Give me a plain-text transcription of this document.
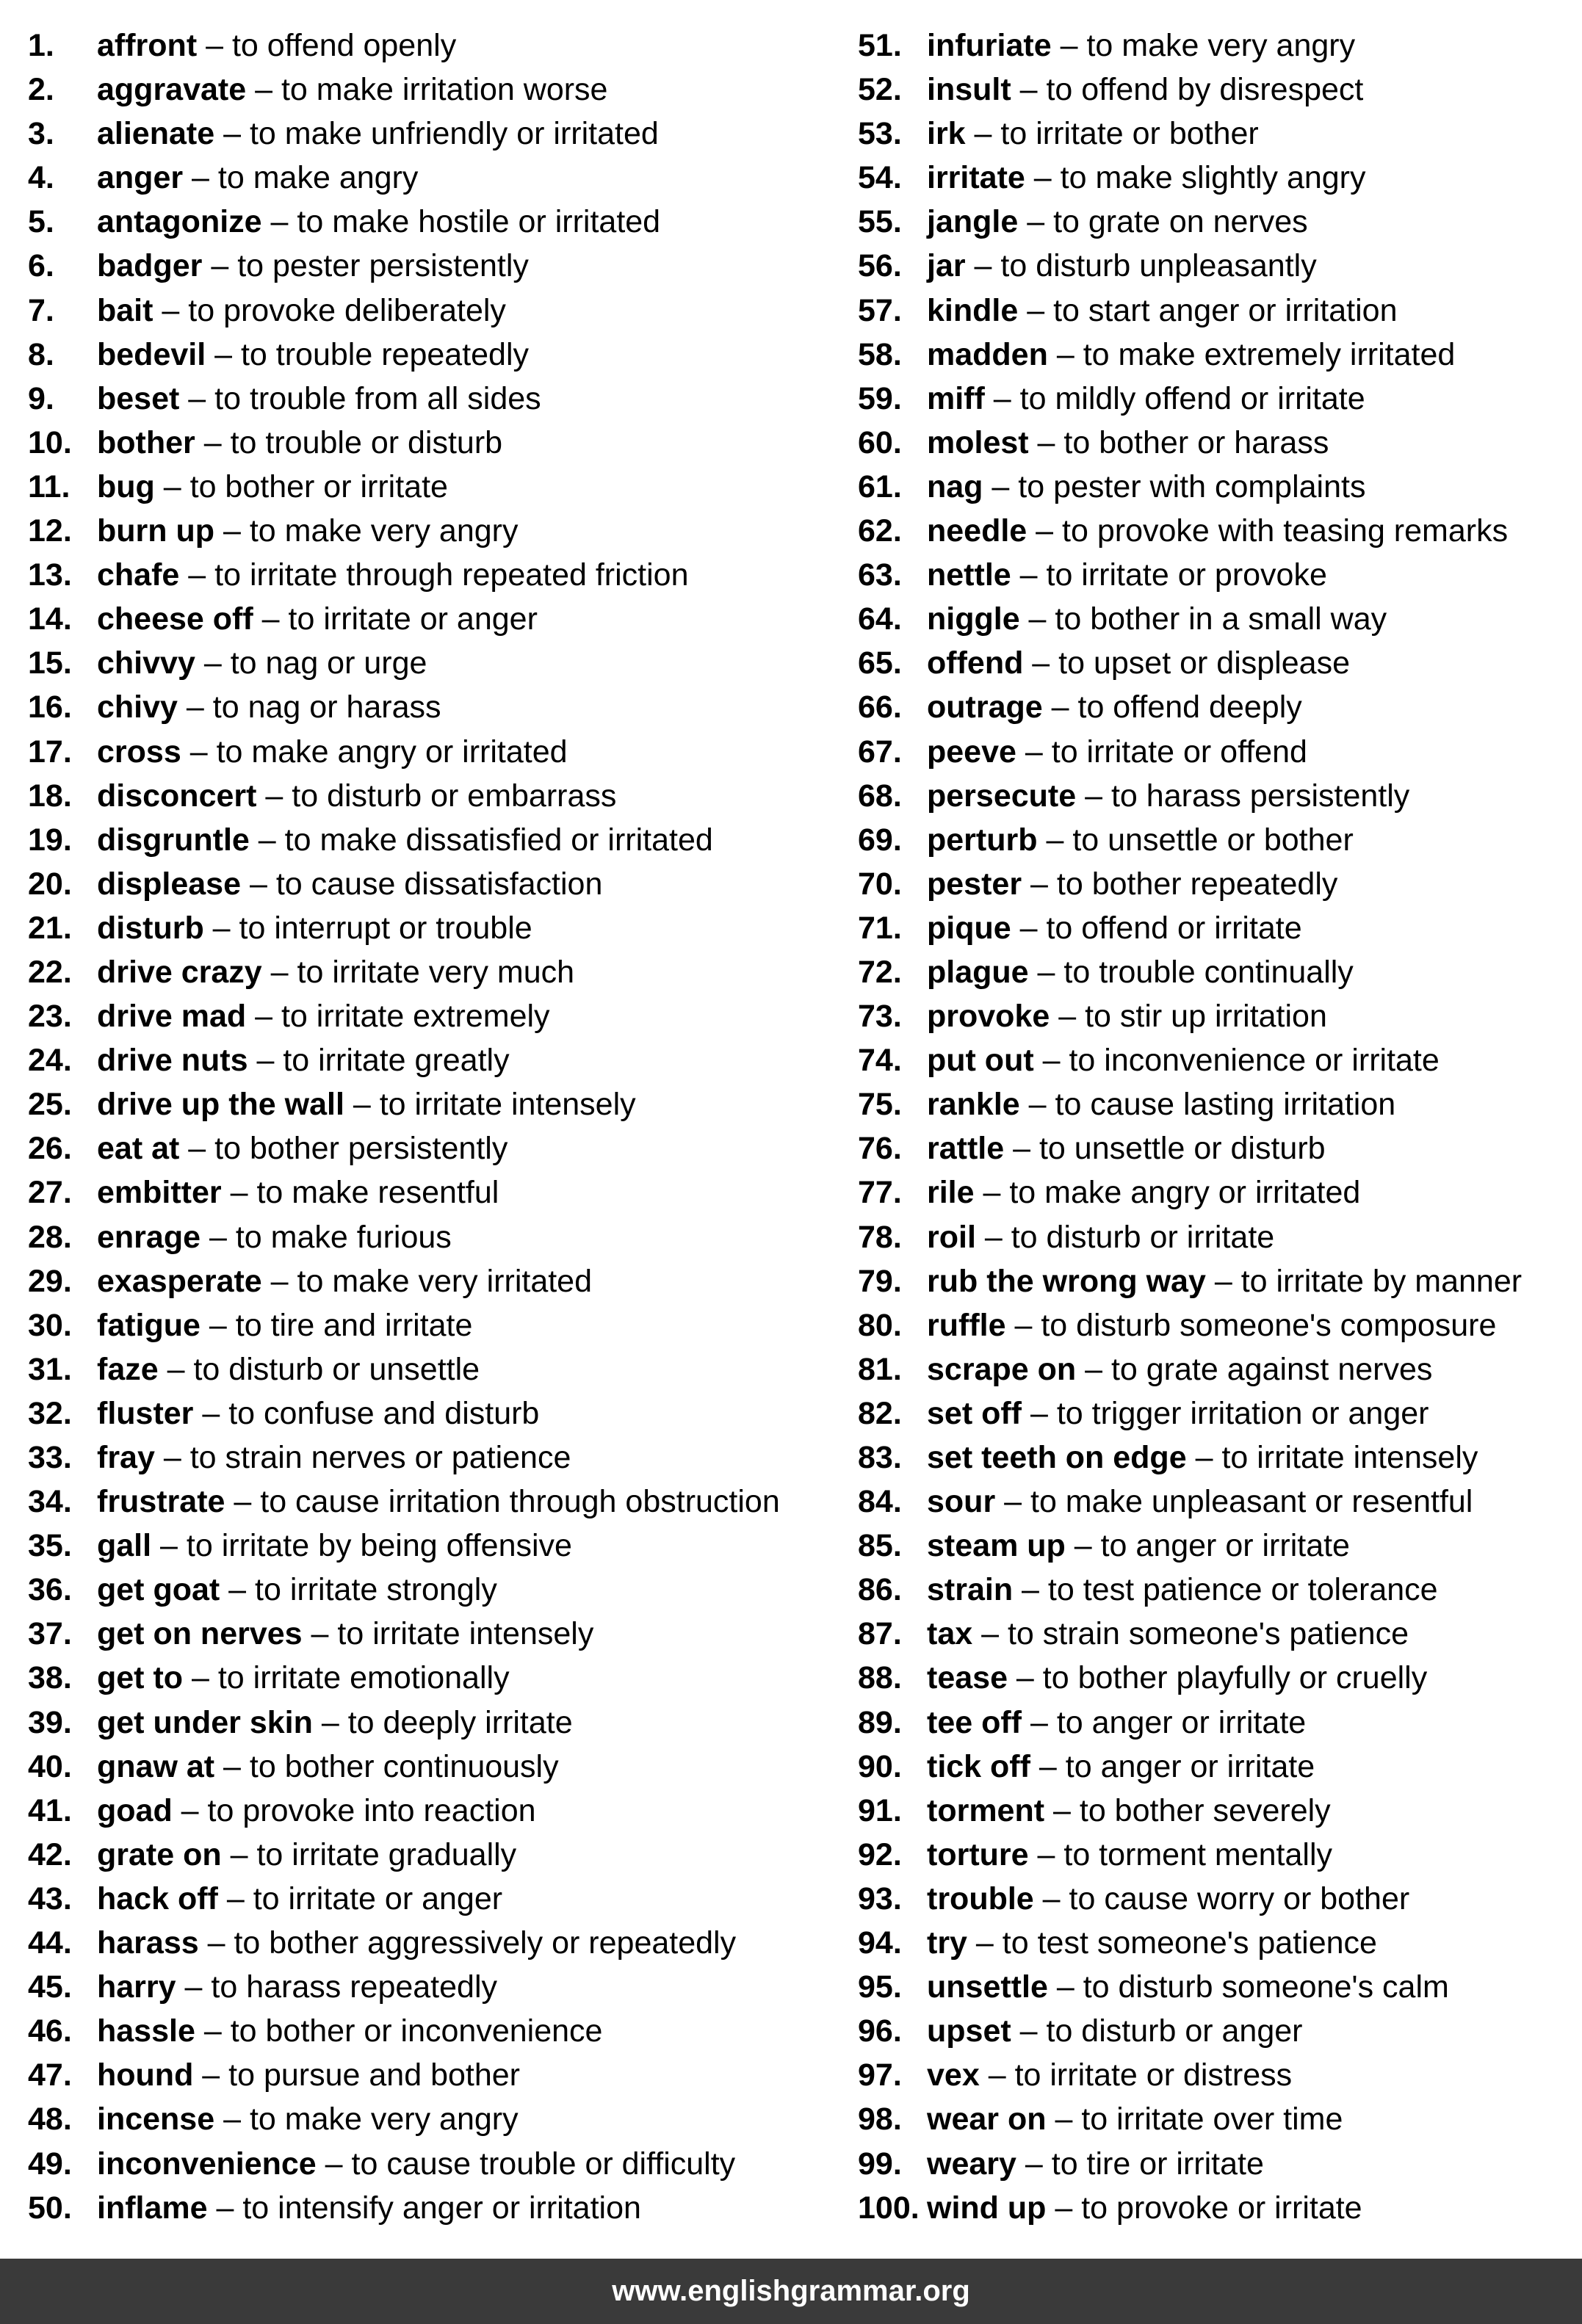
1.	affront – to offend openly
2.	aggravate – to make irritation worse
3.	alienate – to make unfriendly or irritated
4.	anger – to make angry
5.	antagonize – to make hostile or irritated
6.	badger – to pester persistently
7.	bait – to provoke deliberately
8.	bedevil – to trouble repeatedly
9.	beset – to trouble from all sides
10. bother – to trouble or disturb
11. bug – to bother or irritate
12. burn up – to make very angry
13. chafe – to irritate through repeated friction
14. cheese off – to irritate or anger
15. chivvy – to nag or urge
16. chivy – to nag or harass
17. cross – to make angry or irritated
18. disconcert – to disturb or embarrass
19. disgruntle – to make dissatisfied or irritated
20. displease – to cause dissatisfaction
21. disturb – to interrupt or trouble
22. drive crazy – to irritate very much
23. drive mad – to irritate extremely
24. drive nuts – to irritate greatly
25. drive up the wall – to irritate intensely
26. eat at – to bother persistently
27. embitter – to make resentful
28. enrage – to make furious
29. exasperate – to make very irritated
30. fatigue – to tire and irritate
31. faze – to disturb or unsettle
32. fluster – to confuse and disturb
33. fray – to strain nerves or patience
34. frustrate – to cause irritation through obstruction
35. gall – to irritate by being offensive
36. get goat – to irritate strongly
37. get on nerves – to irritate intensely
38. get to – to irritate emotionally
39. get under skin – to deeply irritate
40. gnaw at – to bother continuously
41. goad – to provoke into reaction
42. grate on – to irritate gradually
43. hack off – to irritate or anger
44. harass – to bother aggressively or repeatedly
45. harry – to harass repeatedly
46. hassle – to bother or inconvenience
47. hound – to pursue and bother
48. incense – to make very angry
49. inconvenience – to cause trouble or difficulty
50. inflame – to intensify anger or irritation
51. infuriate – to make very angry
52. insult – to offend by disrespect
53. irk – to irritate or bother
54. irritate – to make slightly angry
55. jangle – to grate on nerves
56. jar – to disturb unpleasantly
57. kindle – to start anger or irritation
58. madden – to make extremely irritated
59. miff – to mildly offend or irritate
60. molest – to bother or harass
61. nag – to pester with complaints
62. needle – to provoke with teasing remarks
63. nettle – to irritate or provoke
64. niggle – to bother in a small way
65. offend – to upset or displease
66. outrage – to offend deeply
67. peeve – to irritate or offend
68. persecute – to harass persistently
69. perturb – to unsettle or bother
70. pester – to bother repeatedly
71. pique – to offend or irritate
72. plague – to trouble continually
73. provoke – to stir up irritation
74. put out – to inconvenience or irritate
75. rankle – to cause lasting irritation
76. rattle – to unsettle or disturb
77. rile – to make angry or irritated
78. roil – to disturb or irritate
79. rub the wrong way – to irritate by manner
80. ruffle – to disturb someone's composure
81. scrape on – to grate against nerves
82. set off – to trigger irritation or anger
83. set teeth on edge – to irritate intensely
84. sour – to make unpleasant or resentful
85. steam up – to anger or irritate
86. strain – to test patience or tolerance
87. tax – to strain someone's patience
88. tease – to bother playfully or cruelly
89. tee off – to anger or irritate
90. tick off – to anger or irritate
91. torment – to bother severely
92. torture – to torment mentally
93. trouble – to cause worry or bother
94. try – to test someone's patience
95. unsettle – to disturb someone's calm
96. upset – to disturb or anger
97. vex – to irritate or distress
98. wear on – to irritate over time
99. weary – to tire or irritate
100. wind up – to provoke or irritate
www.englishgrammar.org
